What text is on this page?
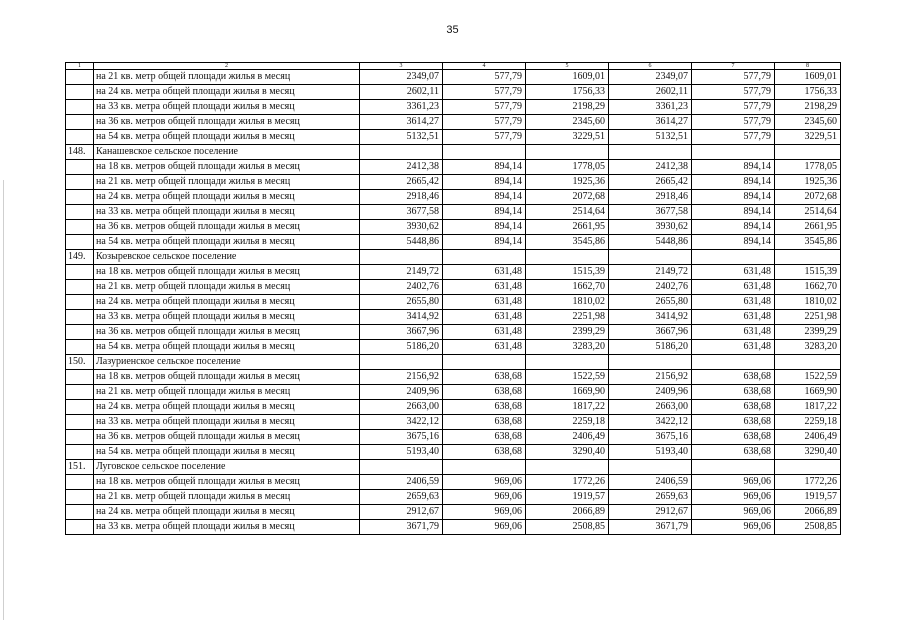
35
1	2	3	4	5	6	7	8
	на 21 кв. метр общей площади жилья в месяц	2349,07	577,79	1609,01	2349,07	577,79	1609,01
	на 24 кв. метра общей площади жилья в месяц	2602,11	577,79	1756,33	2602,11	577,79	1756,33
	на 33 кв. метра общей площади жилья в месяц	3361,23	577,79	2198,29	3361,23	577,79	2198,29
	на 36 кв. метров общей площади жилья в месяц	3614,27	577,79	2345,60	3614,27	577,79	2345,60
	на 54 кв. метра общей площади жилья в месяц	5132,51	577,79	3229,51	5132,51	577,79	3229,51
148.	Канашевское сельское поселение						
	на 18 кв. метров общей площади жилья в месяц	2412,38	894,14	1778,05	2412,38	894,14	1778,05
	на 21 кв. метр общей площади жилья в месяц	2665,42	894,14	1925,36	2665,42	894,14	1925,36
	на 24 кв. метра общей площади жилья в месяц	2918,46	894,14	2072,68	2918,46	894,14	2072,68
	на 33 кв. метра общей площади жилья в месяц	3677,58	894,14	2514,64	3677,58	894,14	2514,64
	на 36 кв. метров общей площади жилья в месяц	3930,62	894,14	2661,95	3930,62	894,14	2661,95
	на 54 кв. метра общей площади жилья в месяц	5448,86	894,14	3545,86	5448,86	894,14	3545,86
149.	Козыревское сельское поселение						
	на 18 кв. метров общей площади жилья в месяц	2149,72	631,48	1515,39	2149,72	631,48	1515,39
	на 21 кв. метр общей площади жилья в месяц	2402,76	631,48	1662,70	2402,76	631,48	1662,70
	на 24 кв. метра общей площади жилья в месяц	2655,80	631,48	1810,02	2655,80	631,48	1810,02
	на 33 кв. метра общей площади жилья в месяц	3414,92	631,48	2251,98	3414,92	631,48	2251,98
	на 36 кв. метров общей площади жилья в месяц	3667,96	631,48	2399,29	3667,96	631,48	2399,29
	на 54 кв. метра общей площади жилья в месяц	5186,20	631,48	3283,20	5186,20	631,48	3283,20
150.	Лазуриенское сельское поселение						
	на 18 кв. метров общей площади жилья в месяц	2156,92	638,68	1522,59	2156,92	638,68	1522,59
	на 21 кв. метр общей площади жилья в месяц	2409,96	638,68	1669,90	2409,96	638,68	1669,90
	на 24 кв. метра общей площади жилья в месяц	2663,00	638,68	1817,22	2663,00	638,68	1817,22
	на 33 кв. метра общей площади жилья в месяц	3422,12	638,68	2259,18	3422,12	638,68	2259,18
	на 36 кв. метров общей площади жилья в месяц	3675,16	638,68	2406,49	3675,16	638,68	2406,49
	на 54 кв. метра общей площади жилья в месяц	5193,40	638,68	3290,40	5193,40	638,68	3290,40
151.	Луговское сельское поселение						
	на 18 кв. метров общей площади жилья в месяц	2406,59	969,06	1772,26	2406,59	969,06	1772,26
	на 21 кв. метр общей площади жилья в месяц	2659,63	969,06	1919,57	2659,63	969,06	1919,57
	на 24 кв. метра общей площади жилья в месяц	2912,67	969,06	2066,89	2912,67	969,06	2066,89
	на 33 кв. метра общей площади жилья в месяц	3671,79	969,06	2508,85	3671,79	969,06	2508,85
